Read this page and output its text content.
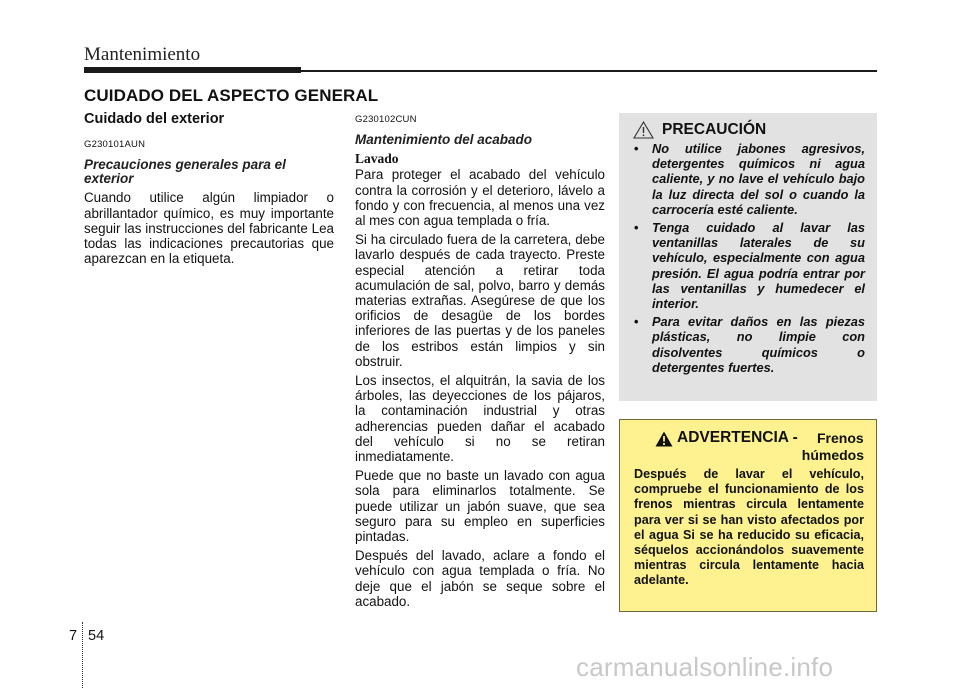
Mantenimiento
CUIDADO DEL ASPECTO GENERAL
Cuidado del exterior
G230101AUN
Precauciones generales para el exterior
Cuando utilice algún limpiador o abrillantador químico, es muy importante seguir las instrucciones del fabricante Lea todas las indicaciones precautorias que aparezcan en la etiqueta.
G230102CUN
Mantenimiento del acabado
Lavado
Para proteger el acabado del vehículo contra la corrosión y el deterioro, lávelo a fondo y con frecuencia, al menos una vez al mes con agua templada o fría.
Si ha circulado fuera de la carretera, debe lavarlo después de cada trayecto. Preste especial atención a retirar toda acumulación de sal, polvo, barro y demás materias extrañas. Asegúrese de que los orificios de desagüe de los bordes inferiores de las puertas y de los paneles de los estribos están limpios y sin obstruir.
Los insectos, el alquitrán, la savia de los árboles, las deyecciones de los pájaros, la contaminación industrial y otras adherencias pueden dañar el acabado del vehículo si no se retiran inmediatamente.
Puede que no baste un lavado con agua sola para eliminarlos totalmente. Se puede utilizar un jabón suave, que sea seguro para su empleo en superficies pintadas.
Después del lavado, aclare a fondo el vehículo con agua templada o fría. No deje que el jabón se seque sobre el acabado.
PRECAUCIÓN
• No utilice jabones agresivos, detergentes químicos ni agua caliente, y no lave el vehículo bajo la luz directa del sol o cuando la carrocería esté caliente.
• Tenga cuidado al lavar las ventanillas laterales de su vehículo, especialmente con agua presión. El agua podría entrar por las ventanillas y humedecer el interior.
• Para evitar daños en las piezas plásticas, no limpie con disolventes químicos o detergentes fuertes.
ADVERTENCIA - Frenos
húmedos
Después de lavar el vehículo, compruebe el funcionamiento de los frenos mientras circula lentamente para ver si se han visto afectados por el agua Si se ha reducido su eficacia, séquelos accionándolos suavemente mientras circula lentamente hacia adelante.
7 54
carmanualsonline.info
